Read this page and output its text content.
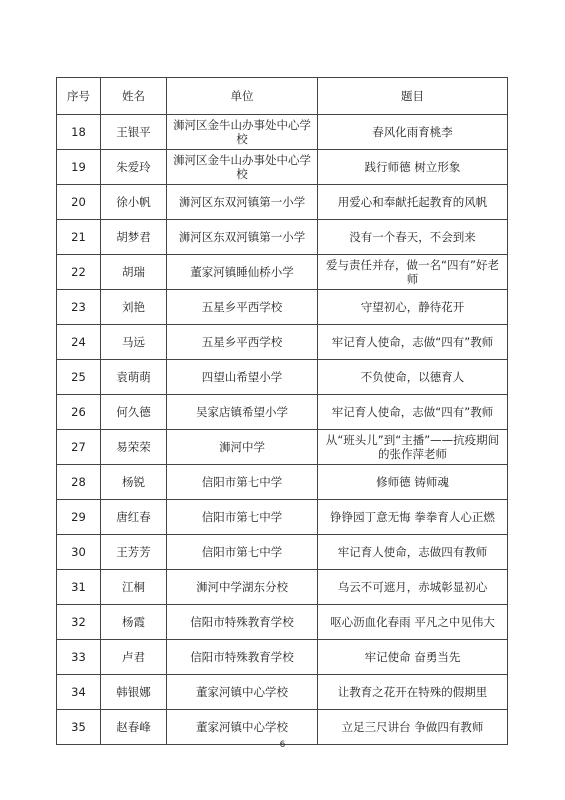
序号	姓名	单位	题目
18	王银平	浉河区金牛山办事处中心学校	春风化雨育桃李
19	朱爱玲	浉河区金牛山办事处中心学校	践行师德 树立形象
20	徐小帆	浉河区东双河镇第一小学	用爱心和奉献托起教育的风帆
21	胡梦君	浉河区东双河镇第一小学	没有一个春天，不会到来
22	胡瑞	董家河镇睡仙桥小学	爱与责任并存，做一名“四有”好老师
23	刘艳	五星乡平西学校	守望初心，静待花开
24	马远	五星乡平西学校	牢记育人使命，志做“四有”教师
25	袁萌萌	四望山希望小学	不负使命，以德育人
26	何久德	吴家店镇希望小学	牢记育人使命，志做“四有”教师
27	易荣荣	浉河中学	从“班头儿”到“主播”——抗疫期间的张作萍老师
28	杨锐	信阳市第七中学	修师德 铸师魂
29	唐红春	信阳市第七中学	铮铮园丁意无悔 拳拳育人心正燃
30	王芳芳	信阳市第七中学	牢记育人使命，志做四有教师
31	江桐	浉河中学湖东分校	乌云不可遮月，赤城彰显初心
32	杨霞	信阳市特殊教育学校	呕心沥血化春雨 平凡之中见伟大
33	卢君	信阳市特殊教育学校	牢记使命 奋勇当先
34	韩银娜	董家河镇中心学校	让教育之花开在特殊的假期里
35	赵春峰	董家河镇中心学校	立足三尺讲台 争做四有教师
6
